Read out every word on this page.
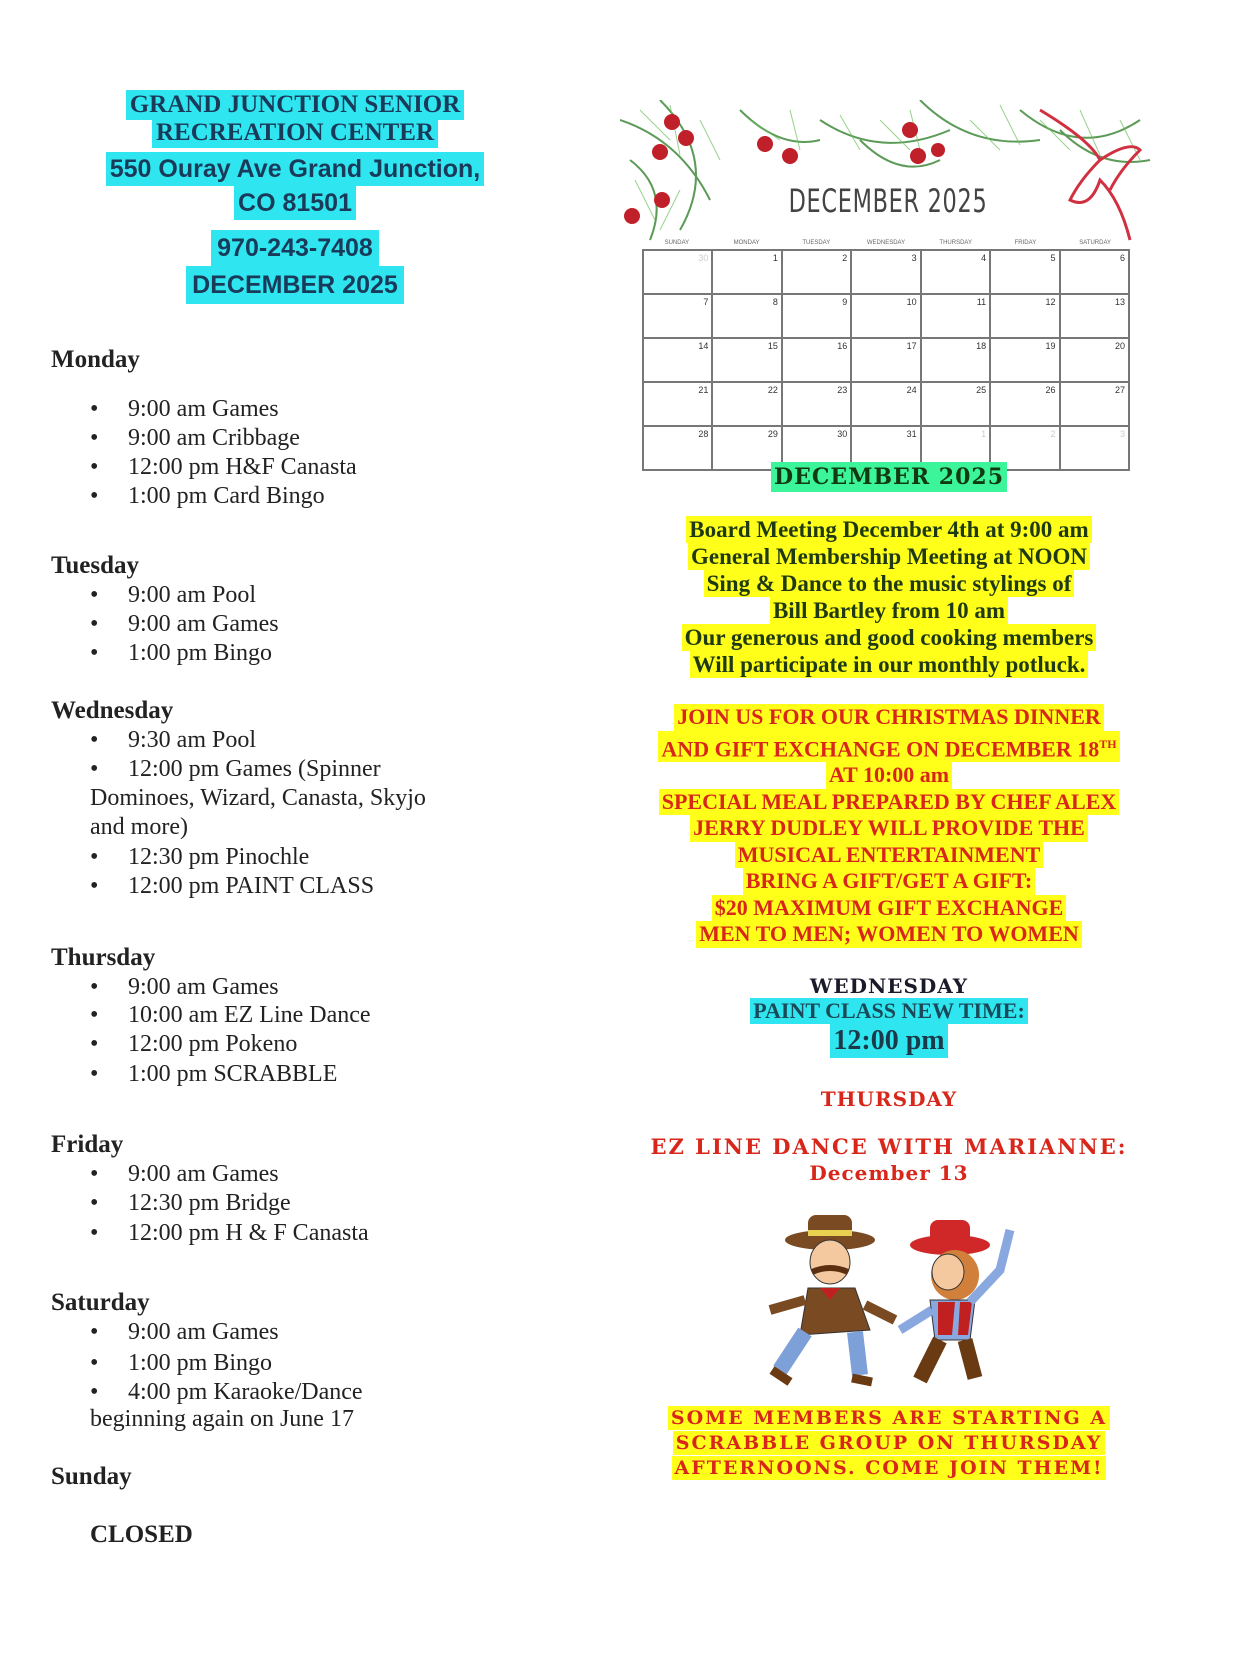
GRAND JUNCTION SENIOR
RECREATION CENTER
550 Ouray Ave Grand Junction,
CO 81501
970-243-7408
DECEMBER 2025
Monday
• 9:00 am Games
• 9:00 am Cribbage
• 12:00 pm H&F Canasta
• 1:00 pm Card Bingo
Tuesday
• 9:00 am Pool
• 9:00 am Games
• 1:00 pm Bingo
Wednesday
• 9:30 am Pool
• 12:00 pm Games (Spinner
Dominoes, Wizard, Canasta, Skyjo
and more)
• 12:30 pm Pinochle
• 12:00 pm PAINT CLASS
Thursday
• 9:00 am Games
• 10:00 am EZ Line Dance
• 12:00 pm Pokeno
• 1:00 pm SCRABBLE
Friday
• 9:00 am Games
• 12:30 pm Bridge
• 12:00 pm H & F Canasta
Saturday
• 9:00 am Games
• 1:00 pm Bingo
• 4:00 pm Karaoke/Dance
beginning again on June 17
Sunday
CLOSED
DECEMBER 2025
SUNDAY	MONDAY	TUESDAY	WEDNESDAY	THURSDAY	FRIDAY	SATURDAY
30	1	2	3	4	5	6
7	8	9	10	11	12	13
14	15	16	17	18	19	20
21	22	23	24	25	26	27
28	29	30	31	1	2	3
DECEMBER 2025
Board Meeting December 4th at 9:00 am
General Membership Meeting at NOON
Sing & Dance to the music stylings of
Bill Bartley from 10 am
Our generous and good cooking members
Will participate in our monthly potluck.
JOIN US FOR OUR CHRISTMAS DINNER
AND GIFT EXCHANGE ON DECEMBER 18TH
AT 10:00 am
SPECIAL MEAL PREPARED BY CHEF ALEX
JERRY DUDLEY WILL PROVIDE THE
MUSICAL ENTERTAINMENT
BRING A GIFT/GET A GIFT:
$20 MAXIMUM GIFT EXCHANGE
MEN TO MEN; WOMEN TO WOMEN
WEDNESDAY
PAINT CLASS NEW TIME:
12:00 pm
THURSDAY
EZ LINE DANCE WITH MARIANNE:
December 13
SOME MEMBERS ARE STARTING A
SCRABBLE GROUP ON THURSDAY
AFTERNOONS. COME JOIN THEM!
